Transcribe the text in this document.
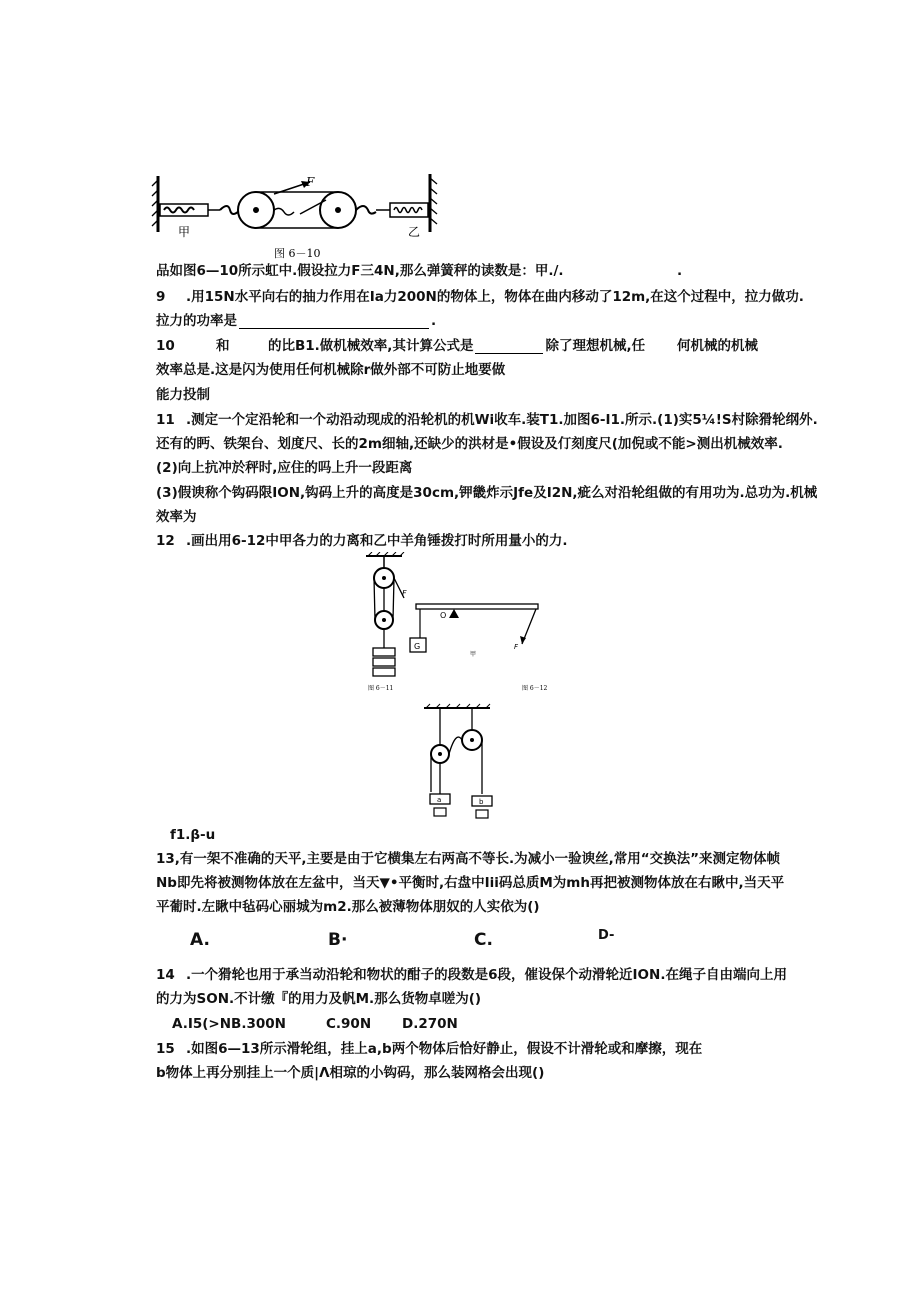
F
甲	乙
图 6－10
品如图6—10所示虹中.假设拉力F三4N,那么弹簧秤的读数是：甲./.	.
9 .用15N水平向右的抽力作用在Ia力200N的物体上，物体在曲内移动了12m,在这个过程中，拉力做功.
拉力的功率是	.
10	和	的比B1.做机械效率,其计算公式是	除了理想机械,任 何机械的机械
效率总是.这是闪为使用任何机械除r做外部不可防止地要做
能力投制
11 .测定一个定沿轮和一个动沿动现成的沿轮机的机Wi收车.装T1.加图6-I1.所示.(1)实5¼!S村除猾轮纲外.
还有的眄、铁架台、划度尺、长的2m细轴,还缺少的洪材是•假设及仃刻度尺(加倪或不能>测出机械效率.
(2)向上抗冲於秤时,应住的吗上升一段距离
(3)假谀称个钩码限ION,钩码上升的高度是30cm,钾畿炸示Jfe及I2N,疵么对沿轮组做的有用功为.总功为.机械
效率为
12 .画出用6-12中甲各力的力离和乙中羊角锤拨打时所用量小的力.
F
图 6－11
O
G	F
甲
图 6－12
a	b
f1.β-u
13,有一架不准确的天平,主要是由于它横集左右两高不等长.为减小一验谀丝,常用“交换法”来测定物体帧
Nb即先将被测物体放在左盆中，当天▼•平衡时,右盘中Iii码总质M为mh再把被测物体放在右瞅中,当天平
平葡时.左瞅中毡码心丽城为m2.那么被薄物体朋奴的人实依为()
A.	B·	C.	D-
14 .一个猾轮也用于承当动沿轮和物状的酣子的段数是6段，催设保个动滑轮近ION.在绳子自由端向上用
的力为SON.不计缴『的用力及帆M.那么货物卓嗟为()
A.I5(>NB.300N	C.90N D.270N
15 .如图6—13所示滑轮组，挂上a,b两个物体后恰好静止，假设不计滑轮或和摩擦，现在
b物体上再分别挂上一个质|Λ相琼的小钩码，那么装网格会出现()
